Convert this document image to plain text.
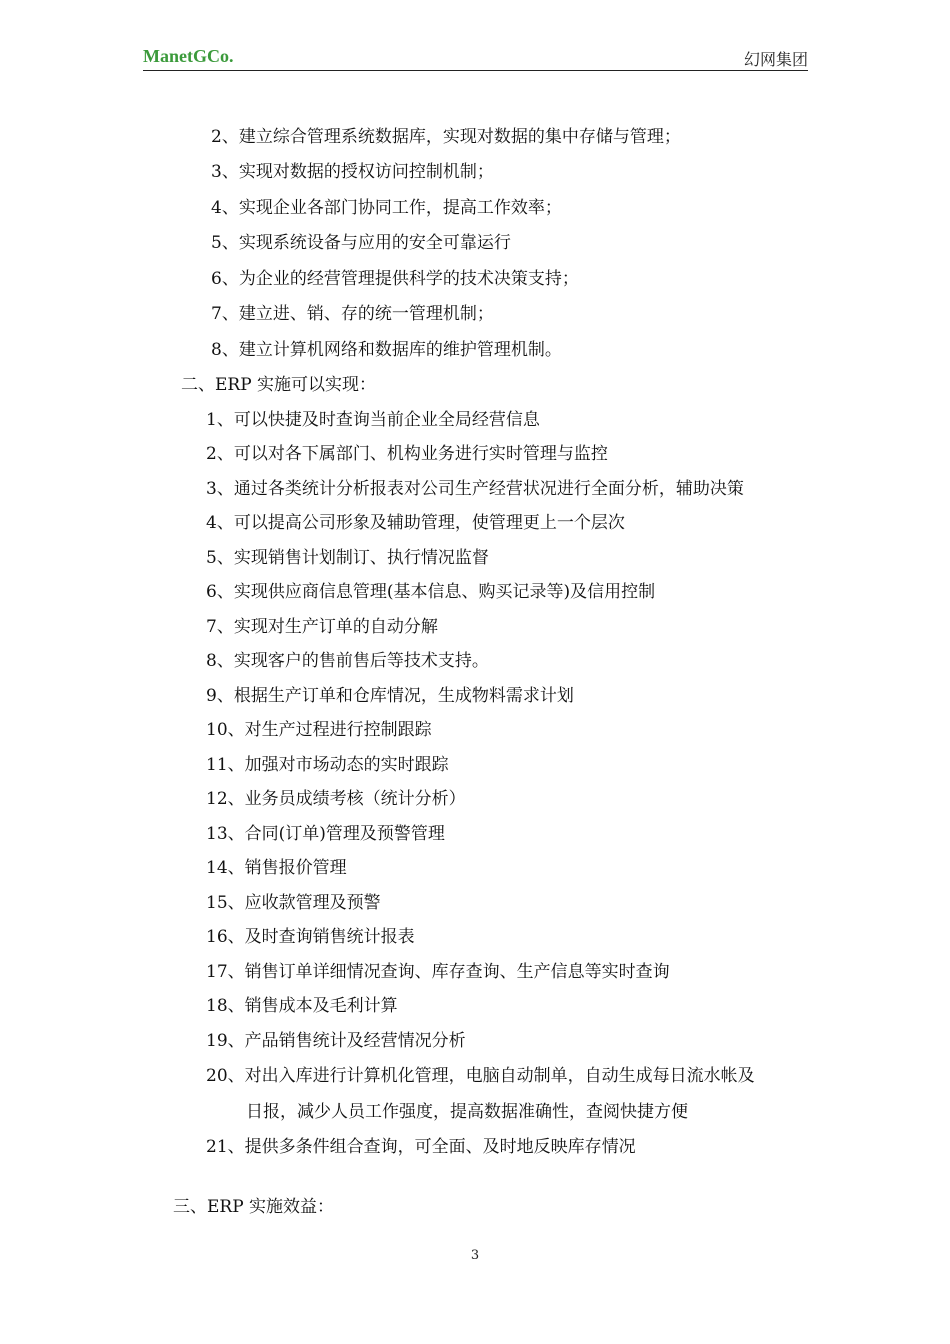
ManetGCo.	幻网集团
2、建立综合管理系统数据库，实现对数据的集中存储与管理；
3、实现对数据的授权访问控制机制；
4、实现企业各部门协同工作，提高工作效率；
5、实现系统设备与应用的安全可靠运行
6、为企业的经营管理提供科学的技术决策支持；
7、建立进、销、存的统一管理机制；
8、建立计算机网络和数据库的维护管理机制。
二、ERP 实施可以实现：
1、可以快捷及时查询当前企业全局经营信息
2、可以对各下属部门、机构业务进行实时管理与监控
3、通过各类统计分析报表对公司生产经营状况进行全面分析，辅助决策
4、可以提高公司形象及辅助管理，使管理更上一个层次
5、实现销售计划制订、执行情况监督
6、实现供应商信息管理(基本信息、购买记录等)及信用控制
7、实现对生产订单的自动分解
8、实现客户的售前售后等技术支持。
9、根据生产订单和仓库情况，生成物料需求计划
10、对生产过程进行控制跟踪
11、加强对市场动态的实时跟踪
12、业务员成绩考核（统计分析）
13、合同(订单)管理及预警管理
14、销售报价管理
15、应收款管理及预警
16、及时查询销售统计报表
17、销售订单详细情况查询、库存查询、生产信息等实时查询
18、销售成本及毛利计算
19、产品销售统计及经营情况分析
20、对出入库进行计算机化管理，电脑自动制单，自动生成每日流水帐及
日报，减少人员工作强度，提高数据准确性，查阅快捷方便
21、提供多条件组合查询，可全面、及时地反映库存情况
三、ERP 实施效益：
3
